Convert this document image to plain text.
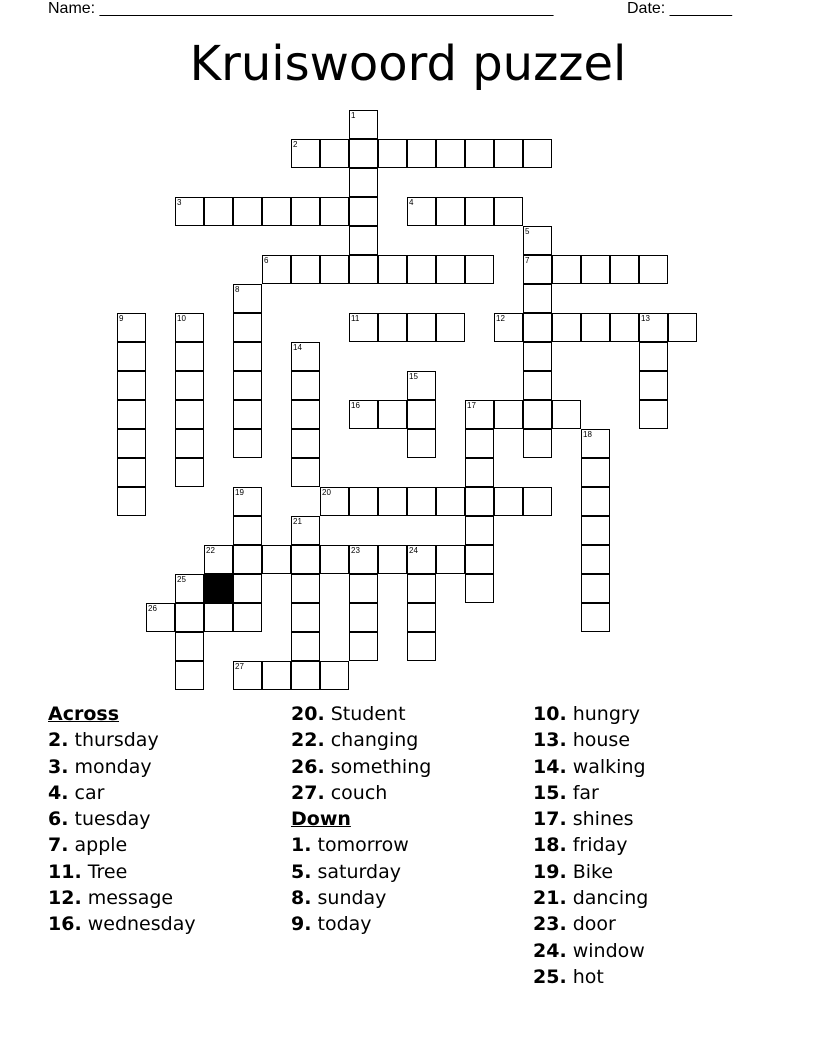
Name: ___________________________________________________	Date: _______
Kruiswoord puzzel
1
2
3	4
5
6	7
8
9	10	11	12	13
14
15
16	17
18
19	20
21
22	23	24
25
26
27
Across
2. thursday
3. monday
4. car
6. tuesday
7. apple
11. Tree
12. message
16. wednesday
20. Student
22. changing
26. something
27. couch
Down
1. tomorrow
5. saturday
8. sunday
9. today
10. hungry
13. house
14. walking
15. far
17. shines
18. friday
19. Bike
21. dancing
23. door
24. window
25. hot
